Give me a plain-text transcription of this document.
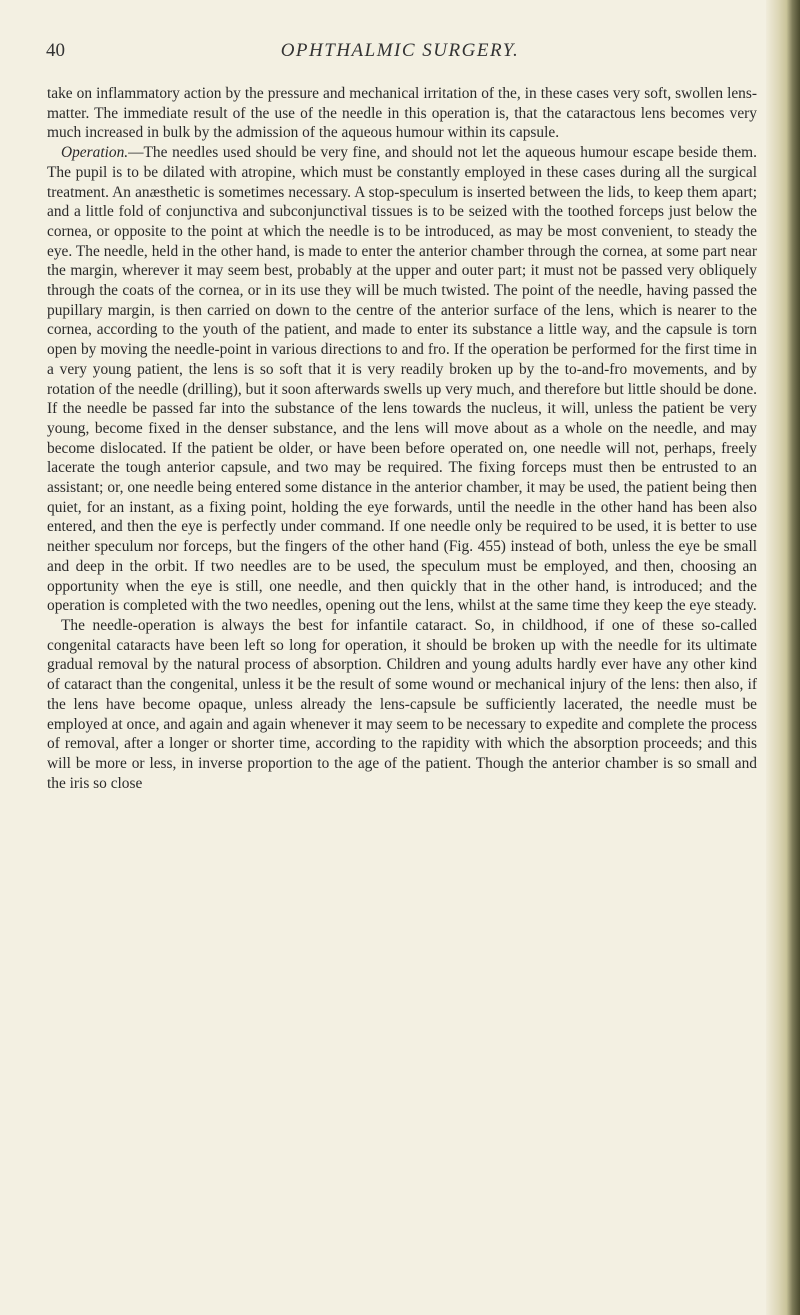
40	OPHTHALMIC SURGERY.

take on inflammatory action by the pressure and mechanical irritation of the, in these cases very soft, swollen lens-matter. The immediate result of the use of the needle in this operation is, that the cataractous lens becomes very much increased in bulk by the admission of the aqueous humour within its capsule.

Operation.—The needles used should be very fine, and should not let the aqueous humour escape beside them. The pupil is to be dilated with atropine, which must be constantly employed in these cases during all the surgical treatment. An anæsthetic is sometimes necessary. A stop-speculum is inserted between the lids, to keep them apart; and a little fold of conjunctiva and subconjunctival tissues is to be seized with the toothed forceps just below the cornea, or opposite to the point at which the needle is to be introduced, as may be most convenient, to steady the eye. The needle, held in the other hand, is made to enter the anterior chamber through the cornea, at some part near the margin, wherever it may seem best, probably at the upper and outer part; it must not be passed very obliquely through the coats of the cornea, or in its use they will be much twisted. The point of the needle, having passed the pupillary margin, is then carried on down to the centre of the anterior surface of the lens, which is nearer to the cornea, according to the youth of the patient, and made to enter its substance a little way, and the capsule is torn open by moving the needle-point in various directions to and fro. If the operation be performed for the first time in a very young patient, the lens is so soft that it is very readily broken up by the to-and-fro movements, and by rotation of the needle (drilling), but it soon afterwards swells up very much, and therefore but little should be done. If the needle be passed far into the substance of the lens towards the nucleus, it will, unless the patient be very young, become fixed in the denser substance, and the lens will move about as a whole on the needle, and may become dislocated. If the patient be older, or have been before operated on, one needle will not, perhaps, freely lacerate the tough anterior capsule, and two may be required. The fixing forceps must then be entrusted to an assistant; or, one needle being entered some distance in the anterior chamber, it may be used, the patient being then quiet, for an instant, as a fixing point, holding the eye forwards, until the needle in the other hand has been also entered, and then the eye is perfectly under command. If one needle only be required to be used, it is better to use neither speculum nor forceps, but the fingers of the other hand (Fig. 455) instead of both, unless the eye be small and deep in the orbit. If two needles are to be used, the speculum must be employed, and then, choosing an opportunity when the eye is still, one needle, and then quickly that in the other hand, is introduced; and the operation is completed with the two needles, opening out the lens, whilst at the same time they keep the eye steady.

The needle-operation is always the best for infantile cataract. So, in childhood, if one of these so-called congenital cataracts have been left so long for operation, it should be broken up with the needle for its ultimate gradual removal by the natural process of absorption. Children and young adults hardly ever have any other kind of cataract than the congenital, unless it be the result of some wound or mechanical injury of the lens: then also, if the lens have become opaque, unless already the lens-capsule be sufficiently lacerated, the needle must be employed at once, and again and again whenever it may seem to be necessary to expedite and complete the process of removal, after a longer or shorter time, according to the rapidity with which the absorption proceeds; and this will be more or less, in inverse proportion to the age of the patient. Though the anterior chamber is so small and the iris so close
